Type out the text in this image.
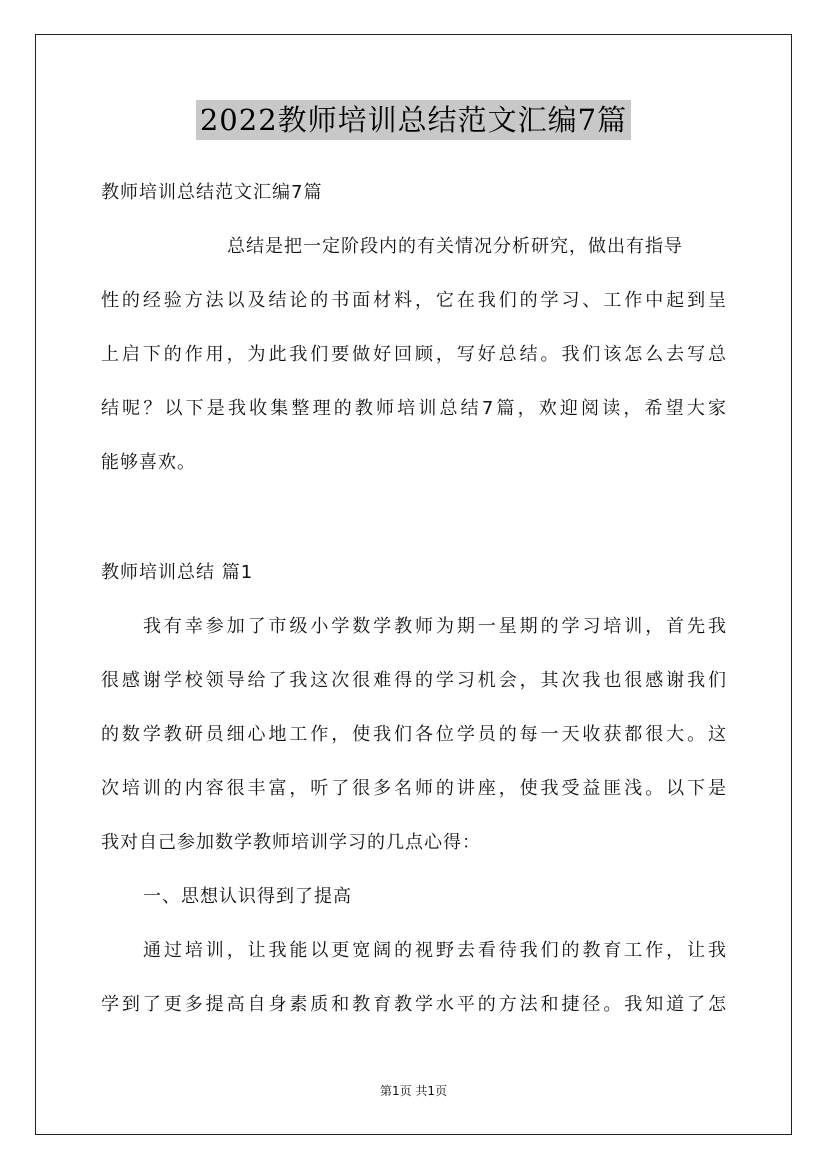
2022教师培训总结范文汇编7篇

教师培训总结范文汇编7篇

总结是把一定阶段内的有关情况分析研究，做出有指导
性的经验方法以及结论的书面材料，它在我们的学习、工作中起到呈
上启下的作用，为此我们要做好回顾，写好总结。我们该怎么去写总
结呢？以下是我收集整理的教师培训总结7篇，欢迎阅读，希望大家
能够喜欢。

教师培训总结 篇1

我有幸参加了市级小学数学教师为期一星期的学习培训，首先我
很感谢学校领导给了我这次很难得的学习机会，其次我也很感谢我们
的数学教研员细心地工作，使我们各位学员的每一天收获都很大。这
次培训的内容很丰富，听了很多名师的讲座，使我受益匪浅。以下是
我对自己参加数学教师培训学习的几点心得：

一、思想认识得到了提高

通过培训，让我能以更宽阔的视野去看待我们的教育工作，让我
学到了更多提高自身素质和教育教学水平的方法和捷径。我知道了怎

第1页 共1页
